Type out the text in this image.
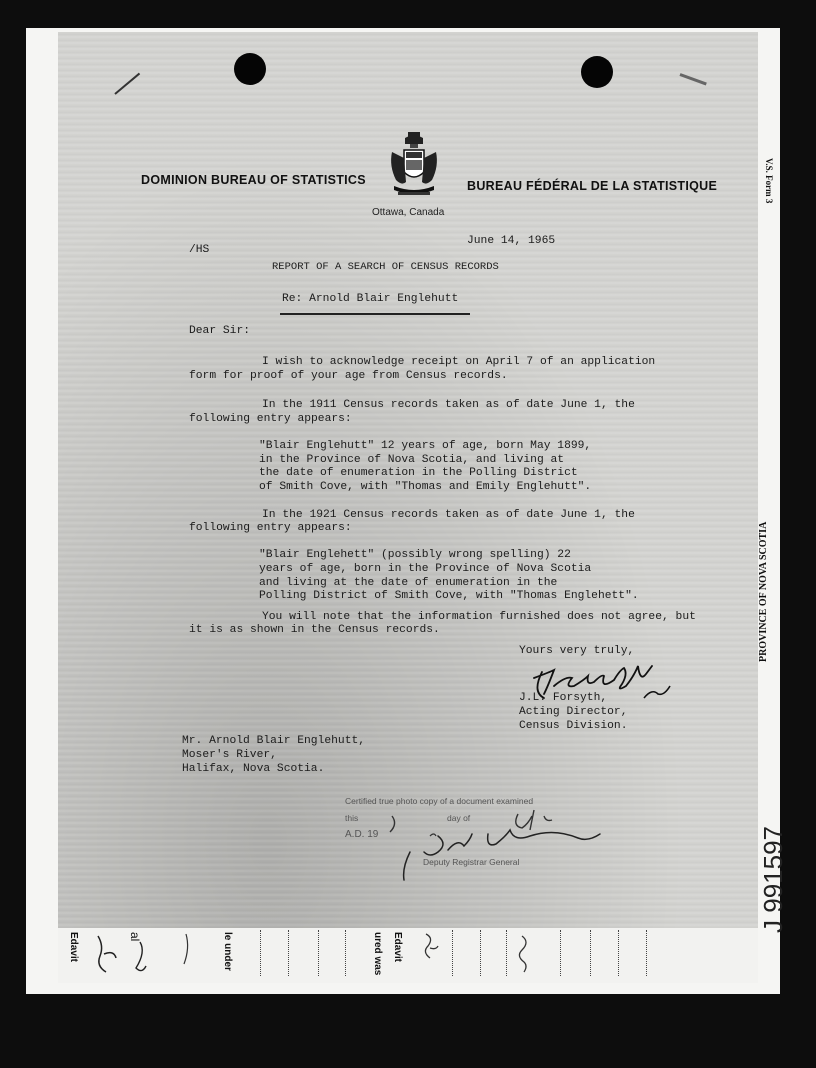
V.S. Form 3
PROVINCE OF NOVA SCOTIA
J 991597
DOMINION BUREAU OF STATISTICS	BUREAU FÉDÉRAL DE LA STATISTIQUE
Ottawa, Canada
June 14, 1965
/HS
REPORT OF A SEARCH OF CENSUS RECORDS
Re: Arnold Blair Englehutt
Dear Sir:
I wish to acknowledge receipt on April 7 of an application
form for proof of your age from Census records.
In the 1911 Census records taken as of date June 1, the
following entry appears:
"Blair Englehutt" 12 years of age, born May 1899,
in the Province of Nova Scotia, and living at
the date of enumeration in the Polling District
of Smith Cove, with "Thomas and Emily Englehutt".
In the 1921 Census records taken as of date June 1, the
following entry appears:
"Blair Englehett" (possibly wrong spelling) 22
years of age, born in the Province of Nova Scotia
and living at the date of enumeration in the
Polling District of Smith Cove, with "Thomas Englehett".
You will note that the information furnished does not agree, but
it is as shown in the Census records.
Yours very truly,
J.L. Forsyth,
Acting Director,
Census Division.
Mr. Arnold Blair Englehutt,
Moser's River,
Halifax, Nova Scotia.
Certified true photo copy of a document examined
this	day of
A.D. 19
Deputy Registrar General
Edavit	al	le under	ured was Edavit
